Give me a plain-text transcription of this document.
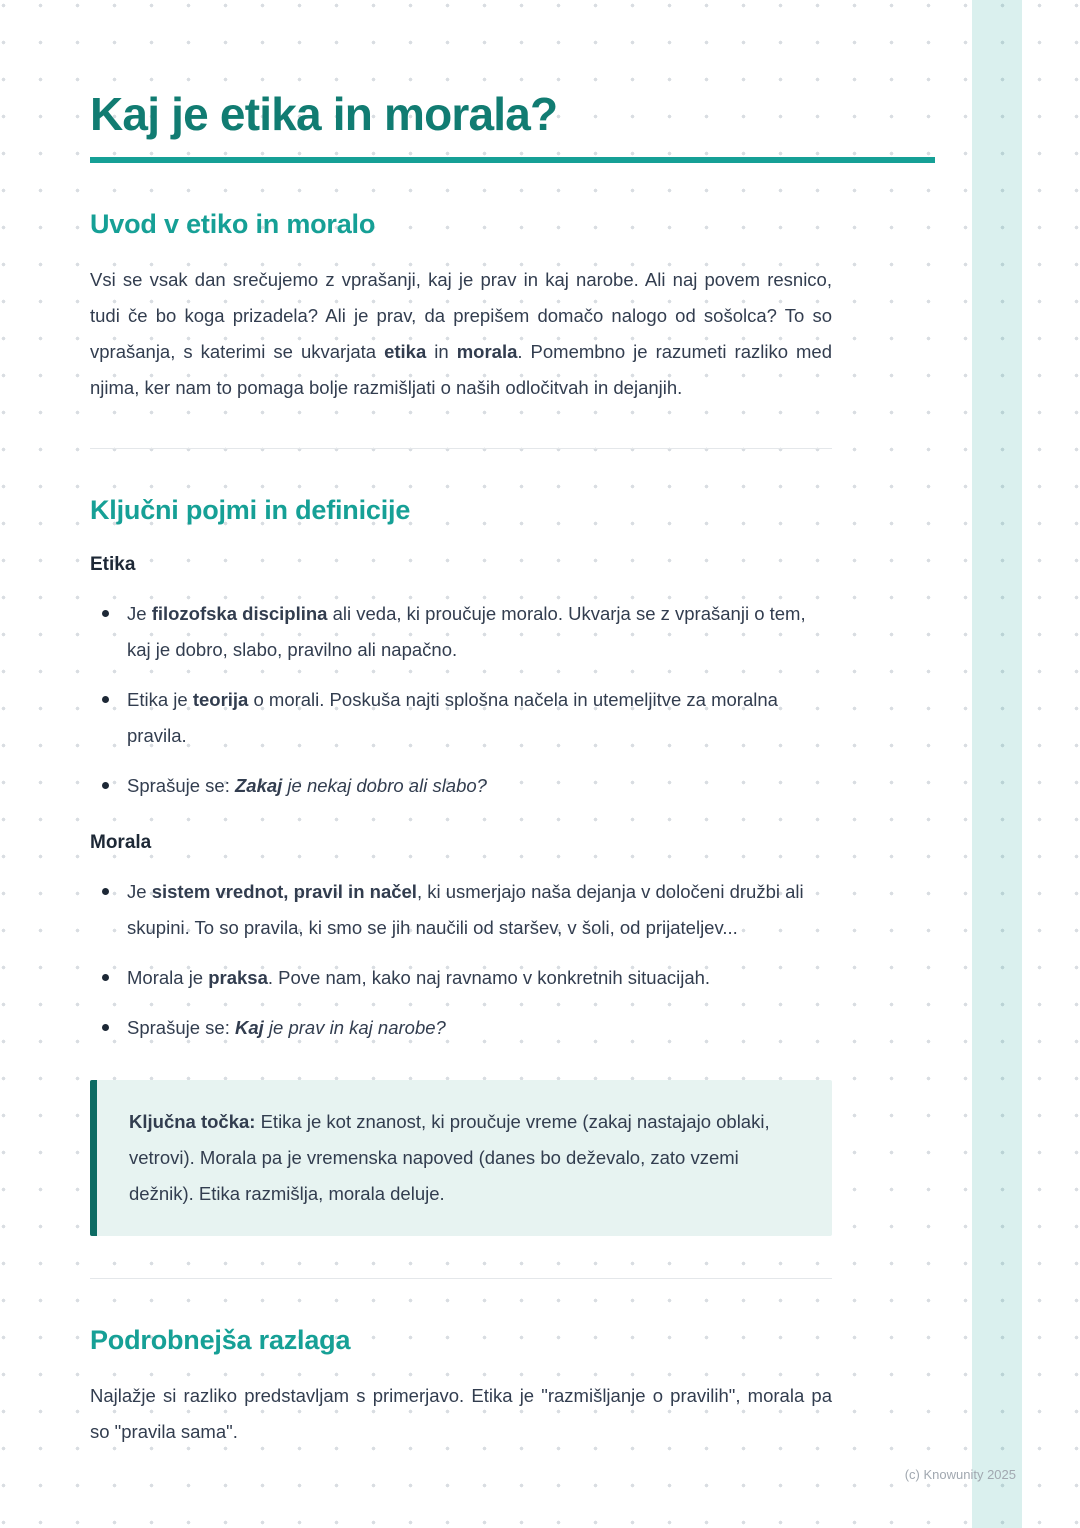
Kaj je etika in morala?
Uvod v etiko in moralo

Vsi se vsak dan srečujemo z vprašanji, kaj je prav in kaj narobe. Ali naj povem resnico, tudi če bo koga prizadela? Ali je prav, da prepišem domačo nalogo od sošolca? To so vprašanja, s katerimi se ukvarjata etika in morala. Pomembno je razumeti razliko med njima, ker nam to pomaga bolje razmišljati o naših odločitvah in dejanjih.

Ključni pojmi in definicije
Etika
Je filozofska disciplina ali veda, ki proučuje moralo. Ukvarja se z vprašanji o tem, kaj je dobro, slabo, pravilno ali napačno.
Etika je teorija o morali. Poskuša najti splošna načela in utemeljitve za moralna pravila.
Sprašuje se: Zakaj je nekaj dobro ali slabo?
Morala
Je sistem vrednot, pravil in načel, ki usmerjajo naša dejanja v določeni družbi ali skupini. To so pravila, ki smo se jih naučili od staršev, v šoli, od prijateljev...
Morala je praksa. Pove nam, kako naj ravnamo v konkretnih situacijah.
Sprašuje se: Kaj je prav in kaj narobe?

Ključna točka: Etika je kot znanost, ki proučuje vreme (zakaj nastajajo oblaki, vetrovi). Morala pa je vremenska napoved (danes bo deževalo, zato vzemi dežnik). Etika razmišlja, morala deluje.

Podrobnejša razlaga

Najlažje si razliko predstavljam s primerjavo. Etika je "razmišljanje o pravilih", morala pa so "pravila sama".

(c) Knowunity 2025
